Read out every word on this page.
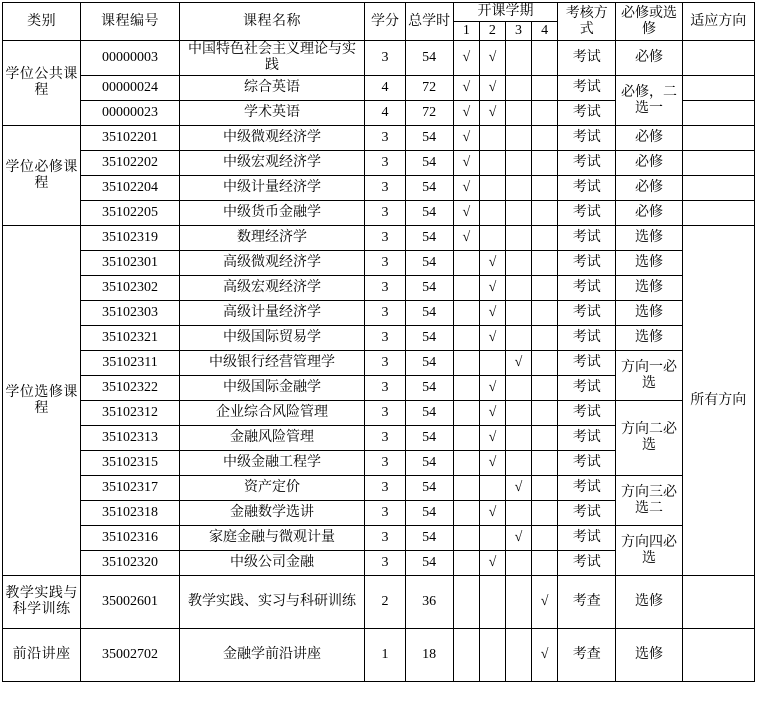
类别	课程编号	课程名称	学分	总学时	开课学期				考核方式	必修或选修	适应方向
					1	2	3	4			
学位公共课程	00000003	中国特色社会主义理论与实践	3	54	√	√			考试	必修	
	00000024	综合英语	4	72	√	√			考试	必修，二选一	
	00000023	学术英语	4	72	√	√			考试		
学位必修课程	35102201	中级微观经济学	3	54	√				考试	必修	
	35102202	中级宏观经济学	3	54	√				考试	必修	
	35102204	中级计量经济学	3	54	√				考试	必修	
	35102205	中级货币金融学	3	54	√				考试	必修	
学位选修课程	35102319	数理经济学	3	54	√				考试	选修	所有方向
	35102301	高级微观经济学	3	54		√			考试	选修	
	35102302	高级宏观经济学	3	54		√			考试	选修	
	35102303	高级计量经济学	3	54		√			考试	选修	
	35102321	中级国际贸易学	3	54		√			考试	选修	
	35102311	中级银行经营管理学	3	54			√		考试	方向一必选	
	35102322	中级国际金融学	3	54		√			考试		
	35102312	企业综合风险管理	3	54		√			考试	方向二必选	
	35102313	金融风险管理	3	54		√			考试		
	35102315	中级金融工程学	3	54		√			考试		
	35102317	资产定价	3	54			√		考试	方向三必选二	
	35102318	金融数学选讲	3	54		√			考试		
	35102316	家庭金融与微观计量	3	54			√		考试	方向四必选	
	35102320	中级公司金融	3	54		√			考试		
教学实践与科学训练	35002601	教学实践、实习与科研训练	2	36				√	考查	选修	
前沿讲座	35002702	金融学前沿讲座	1	18				√	考查	选修	
